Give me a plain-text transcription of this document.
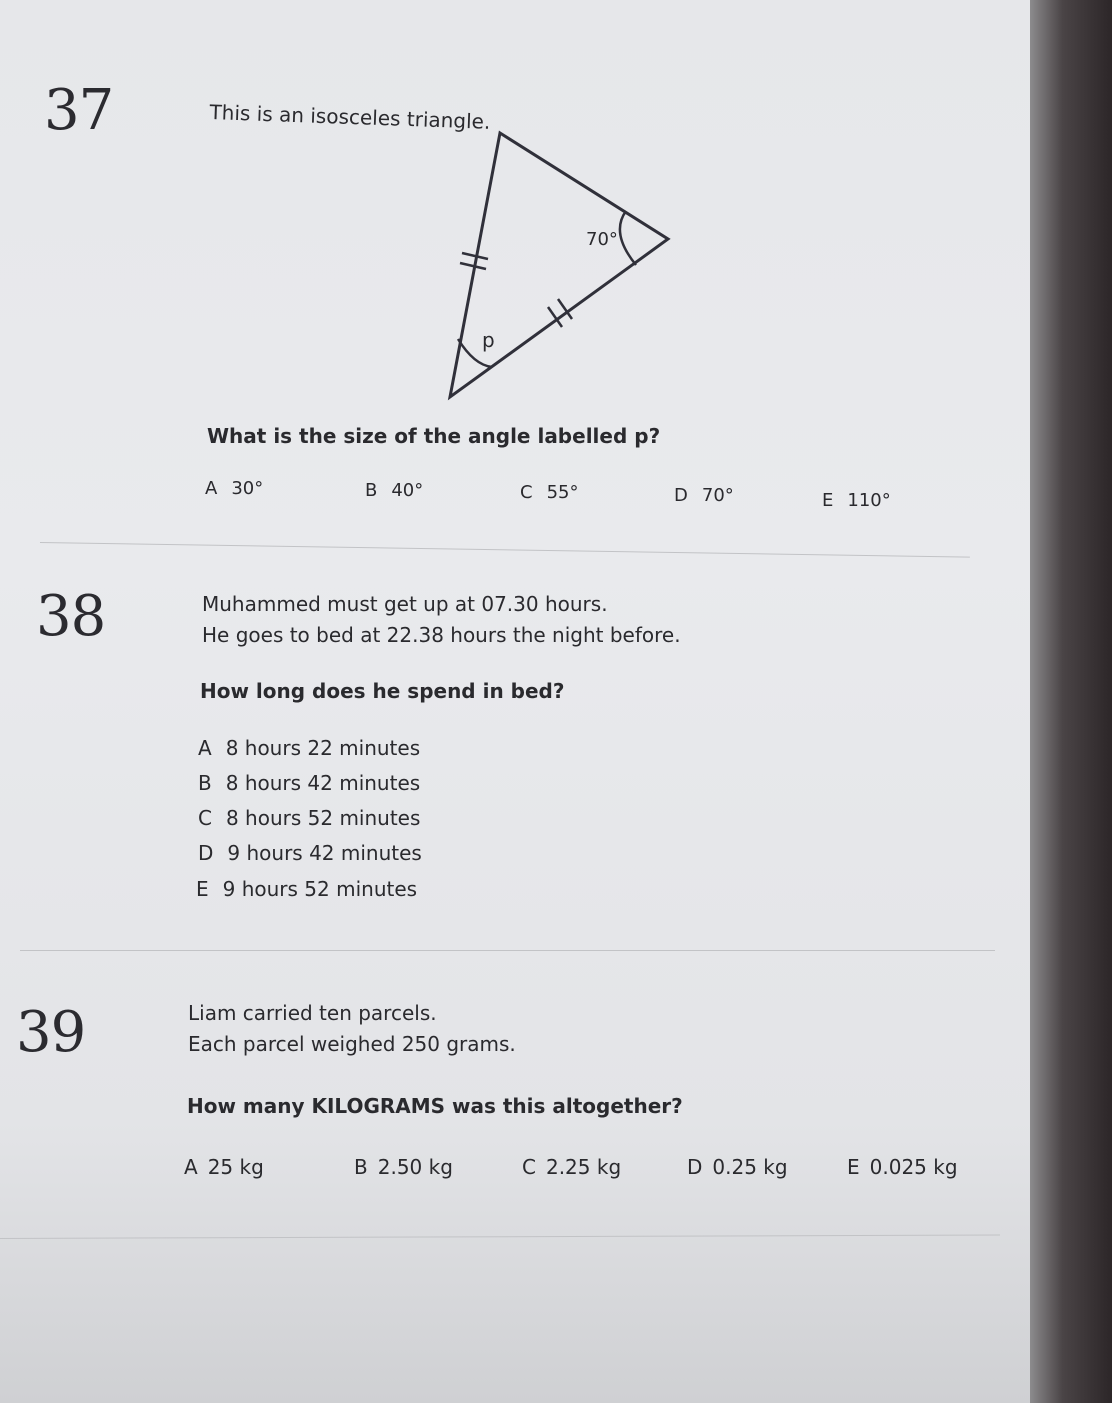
37	This is an isosceles triangle.
70°
p
What is the size of the angle labelled p?
A 30°	B 40°	C 55°	D 70°	E 110°
38	Muhammed must get up at 07.30 hours.
He goes to bed at 22.38 hours the night before.
How long does he spend in bed?
A 8 hours 22 minutes
B 8 hours 42 minutes
C 8 hours 52 minutes
D 9 hours 42 minutes
E 9 hours 52 minutes
39	Liam carried ten parcels.
Each parcel weighed 250 grams.
How many KILOGRAMS was this altogether?
A 25 kg	B 2.50 kg	C 2.25 kg	D 0.25 kg	E 0.025 kg
